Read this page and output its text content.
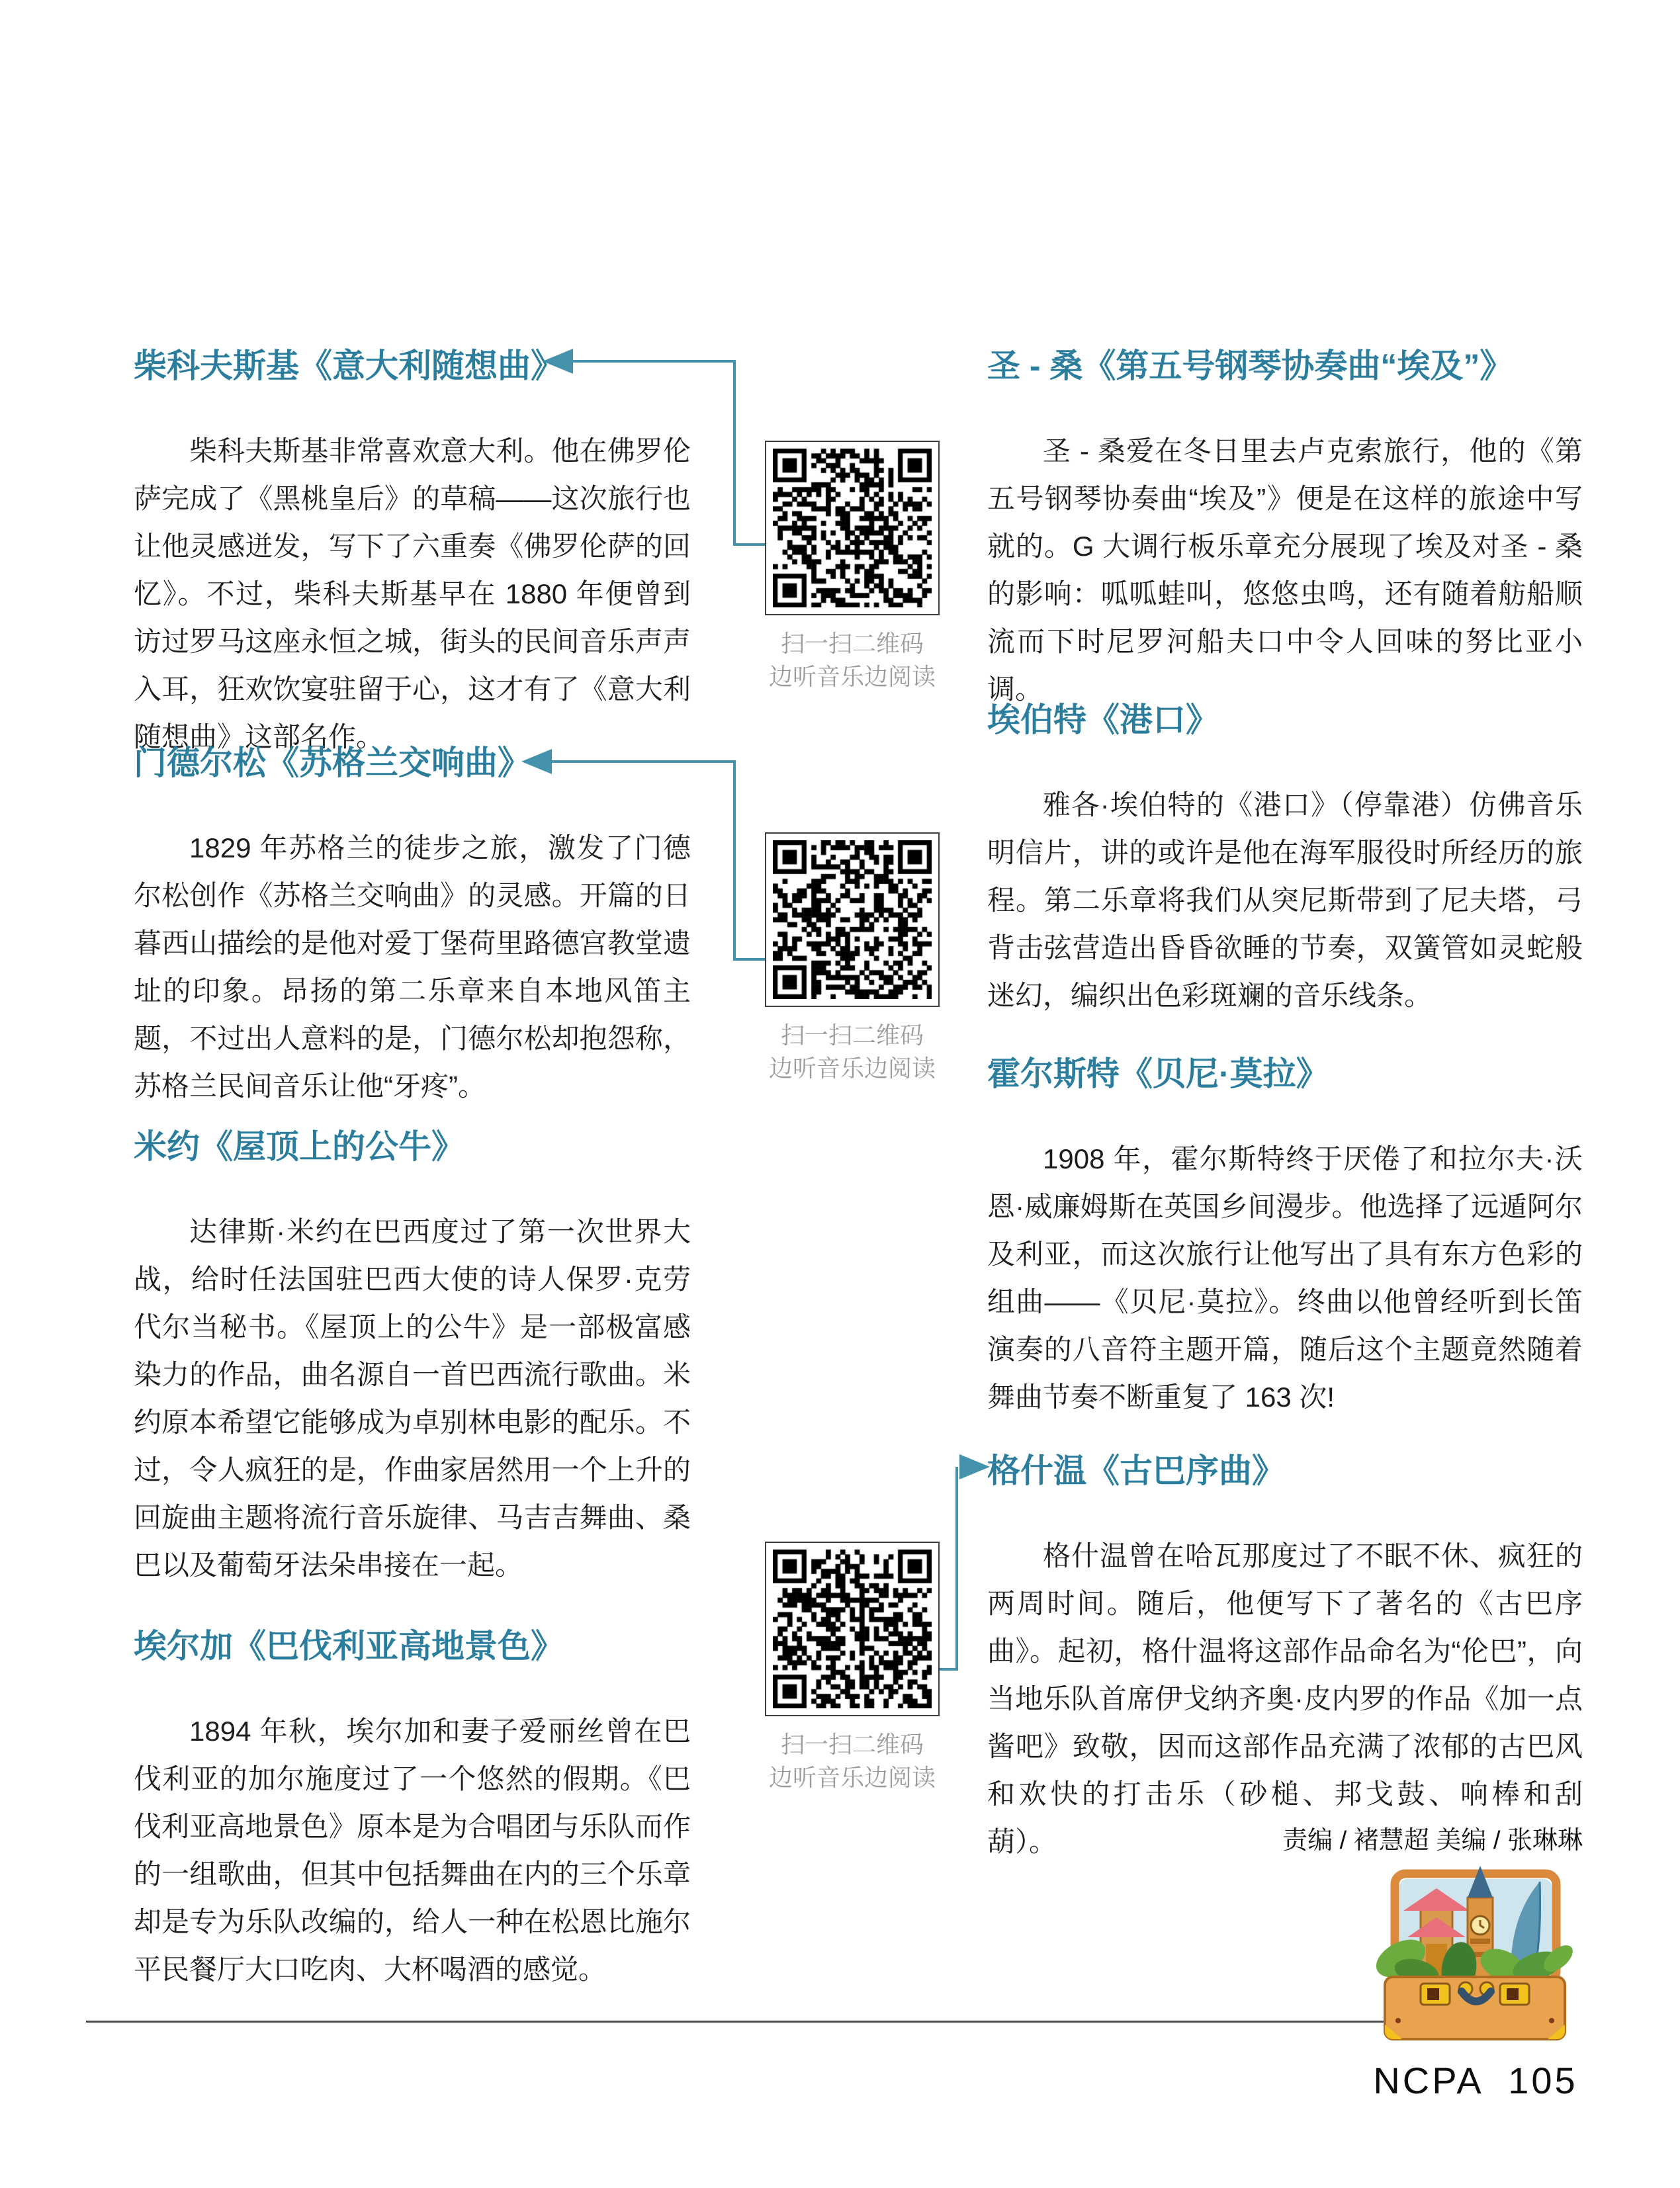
柴科夫斯基《意大利随想曲》

柴科夫斯基非常喜欢意大利。他在佛罗伦萨完成了《黑桃皇后》的草稿——这次旅行也让他灵感迸发，写下了六重奏《佛罗伦萨的回忆》。不过，柴科夫斯基早在 1880 年便曾到访过罗马这座永恒之城，街头的民间音乐声声入耳，狂欢饮宴驻留于心，这才有了《意大利随想曲》这部名作。

门德尔松《苏格兰交响曲》

1829 年苏格兰的徒步之旅，激发了门德尔松创作《苏格兰交响曲》的灵感。开篇的日暮西山描绘的是他对爱丁堡荷里路德宫教堂遗址的印象。昂扬的第二乐章来自本地风笛主题，不过出人意料的是，门德尔松却抱怨称，苏格兰民间音乐让他“牙疼”。

米约《屋顶上的公牛》

达律斯·米约在巴西度过了第一次世界大战，给时任法国驻巴西大使的诗人保罗·克劳代尔当秘书。《屋顶上的公牛》是一部极富感染力的作品，曲名源自一首巴西流行歌曲。米约原本希望它能够成为卓别林电影的配乐。不过，令人疯狂的是，作曲家居然用一个上升的回旋曲主题将流行音乐旋律、马吉吉舞曲、桑巴以及葡萄牙法朵串接在一起。

埃尔加《巴伐利亚高地景色》

1894 年秋，埃尔加和妻子爱丽丝曾在巴伐利亚的加尔施度过了一个悠然的假期。《巴伐利亚高地景色》原本是为合唱团与乐队而作的一组歌曲，但其中包括舞曲在内的三个乐章却是专为乐队改编的，给人一种在松恩比施尔平民餐厅大口吃肉、大杯喝酒的感觉。

圣 - 桑《第五号钢琴协奏曲“埃及”》

圣 - 桑爱在冬日里去卢克索旅行，他的《第五号钢琴协奏曲“埃及”》便是在这样的旅途中写就的。G 大调行板乐章充分展现了埃及对圣 - 桑的影响：呱呱蛙叫，悠悠虫鸣，还有随着舫船顺流而下时尼罗河船夫口中令人回味的努比亚小调。

埃伯特《港口》

雅各·埃伯特的《港口》（停靠港）仿佛音乐明信片，讲的或许是他在海军服役时所经历的旅程。第二乐章将我们从突尼斯带到了尼夫塔，弓背击弦营造出昏昏欲睡的节奏，双簧管如灵蛇般迷幻，编织出色彩斑斓的音乐线条。

霍尔斯特《贝尼·莫拉》

1908 年，霍尔斯特终于厌倦了和拉尔夫·沃恩·威廉姆斯在英国乡间漫步。他选择了远遁阿尔及利亚，而这次旅行让他写出了具有东方色彩的组曲——《贝尼·莫拉》。终曲以他曾经听到长笛演奏的八音符主题开篇，随后这个主题竟然随着舞曲节奏不断重复了 163 次!

格什温《古巴序曲》

格什温曾在哈瓦那度过了不眠不休、疯狂的两周时间。随后，他便写下了著名的《古巴序曲》。起初，格什温将这部作品命名为“伦巴”，向当地乐队首席伊戈纳齐奥·皮内罗的作品《加一点酱吧》致敬，因而这部作品充满了浓郁的古巴风和欢快的打击乐（砂槌、邦戈鼓、响棒和刮葫）。

扫一扫二维码
边听音乐边阅读
扫一扫二维码
边听音乐边阅读
扫一扫二维码
边听音乐边阅读
责编 / 褚慧超 美编 / 张琳琳
NCPA 105
